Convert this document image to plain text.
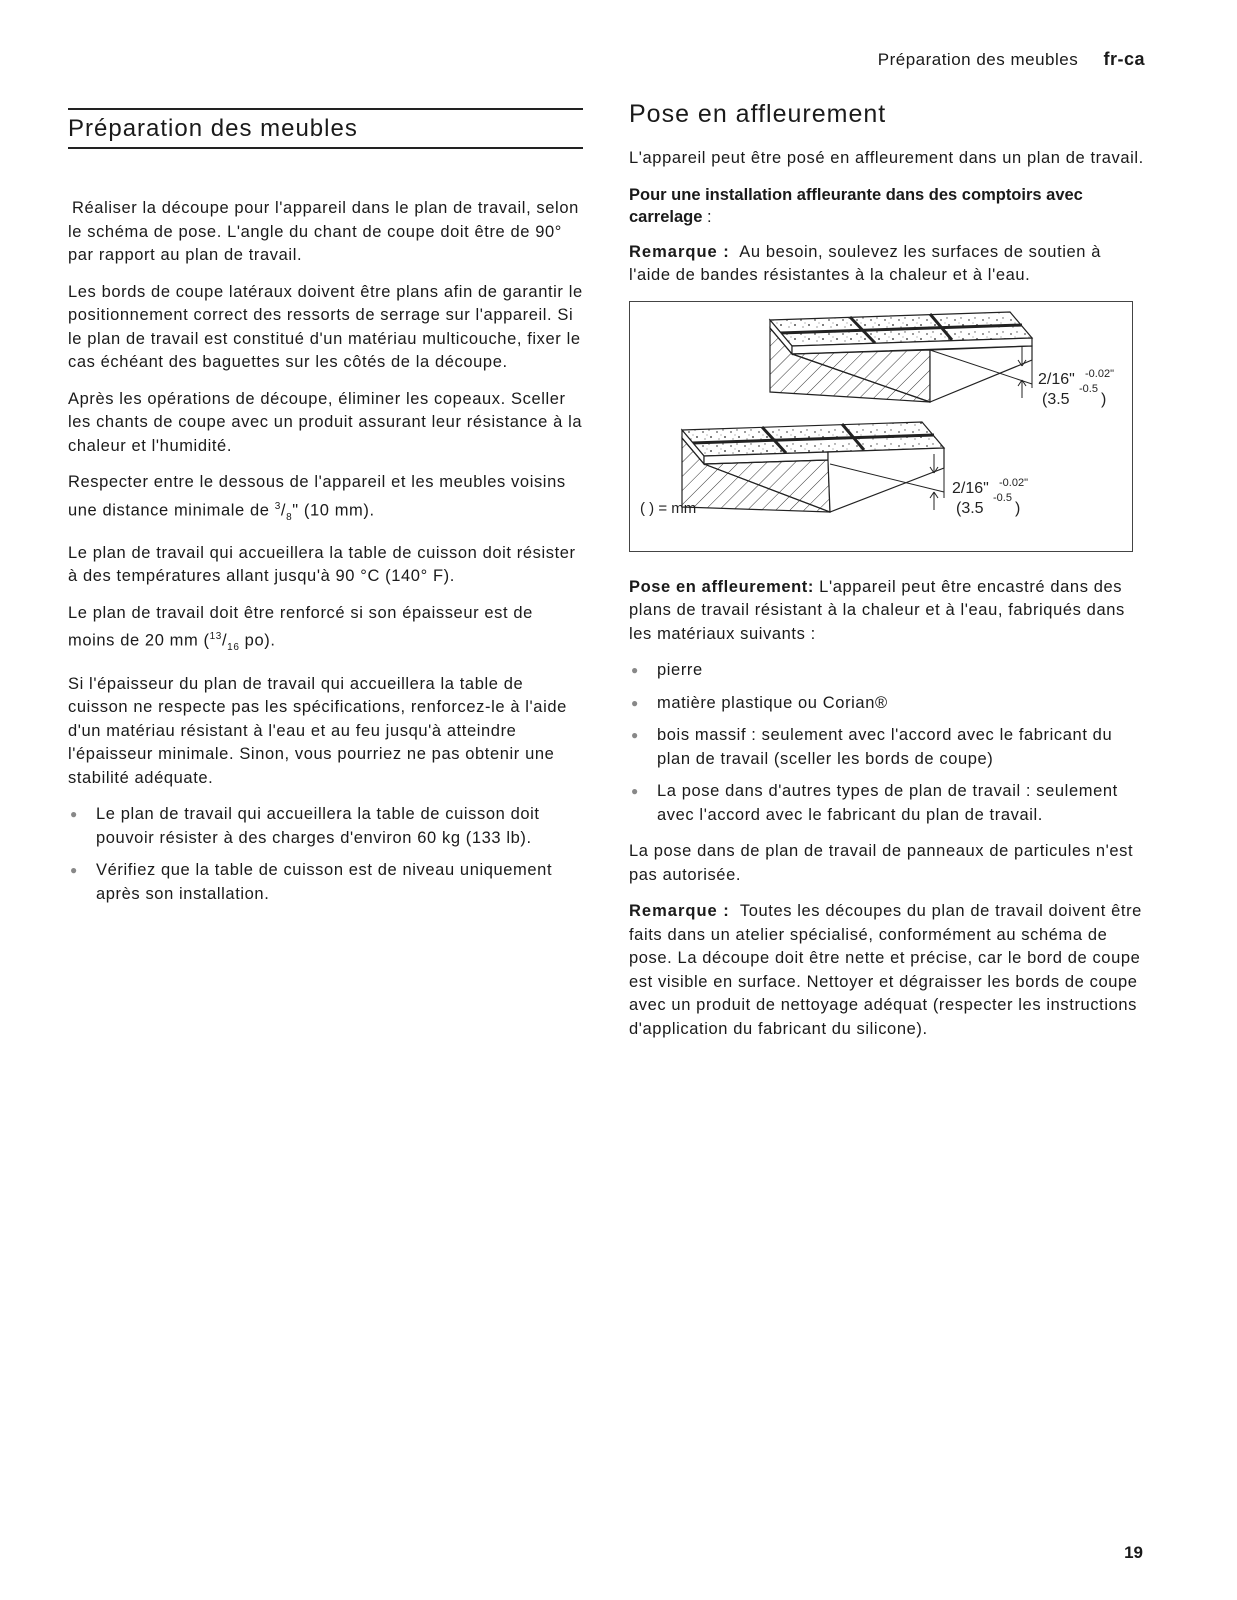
Préparation des meubles fr-ca
Préparation des meubles

Réaliser la découpe pour l'appareil dans le plan de travail, selon le schéma de pose. L'angle du chant de coupe doit être de 90° par rapport au plan de travail.

Les bords de coupe latéraux doivent être plans afin de garantir le positionnement correct des ressorts de serrage sur l'appareil. Si le plan de travail est constitué d'un matériau multicouche, fixer le cas échéant des baguettes sur les côtés de la découpe.

Après les opérations de découpe, éliminer les copeaux. Sceller les chants de coupe avec un produit assurant leur résistance à la chaleur et l'humidité.

Respecter entre le dessous de l'appareil et les meubles voisins une distance minimale de $^3/_8$" (10 mm).

Le plan de travail qui accueillera la table de cuisson doit résister à des températures allant jusqu'à 90 °C (140° F).

Le plan de travail doit être renforcé si son épaisseur est de moins de 20 mm ($^{13}/_{16}$ po).

Si l'épaisseur du plan de travail qui accueillera la table de cuisson ne respecte pas les spécifications, renforcez-le à l'aide d'un matériau résistant à l'eau et au feu jusqu'à atteindre l'épaisseur minimale. Sinon, vous pourriez ne pas obtenir une stabilité adéquate.

● Le plan de travail qui accueillera la table de cuisson doit pouvoir résister à des charges d'environ 60 kg (133 lb).
● Vérifiez que la table de cuisson est de niveau uniquement après son installation.
Pose en affleurement

L'appareil peut être posé en affleurement dans un plan de travail.

Pour une installation affleurante dans des comptoirs avec carrelage :

Remarque : Au besoin, soulevez les surfaces de soutien à l'aide de bandes résistantes à la chaleur et à l'eau.

2/16" -0.02"
-0.5
(3.5 )
2/16" -0.02"
-0.5
(3.5 )
( ) = mm

Pose en affleurement: L'appareil peut être encastré dans des plans de travail résistant à la chaleur et à l'eau, fabriqués dans les matériaux suivants :

● pierre
● matière plastique ou Corian®
● bois massif : seulement avec l'accord avec le fabricant du plan de travail (sceller les bords de coupe)
● La pose dans d'autres types de plan de travail : seulement avec l'accord avec le fabricant du plan de travail.

La pose dans de plan de travail de panneaux de particules n'est pas autorisée.

Remarque : Toutes les découpes du plan de travail doivent être faits dans un atelier spécialisé, conformément au schéma de pose. La découpe doit être nette et précise, car le bord de coupe est visible en surface. Nettoyer et dégraisser les bords de coupe avec un produit de nettoyage adéquat (respecter les instructions d'application du fabricant du silicone).

19
